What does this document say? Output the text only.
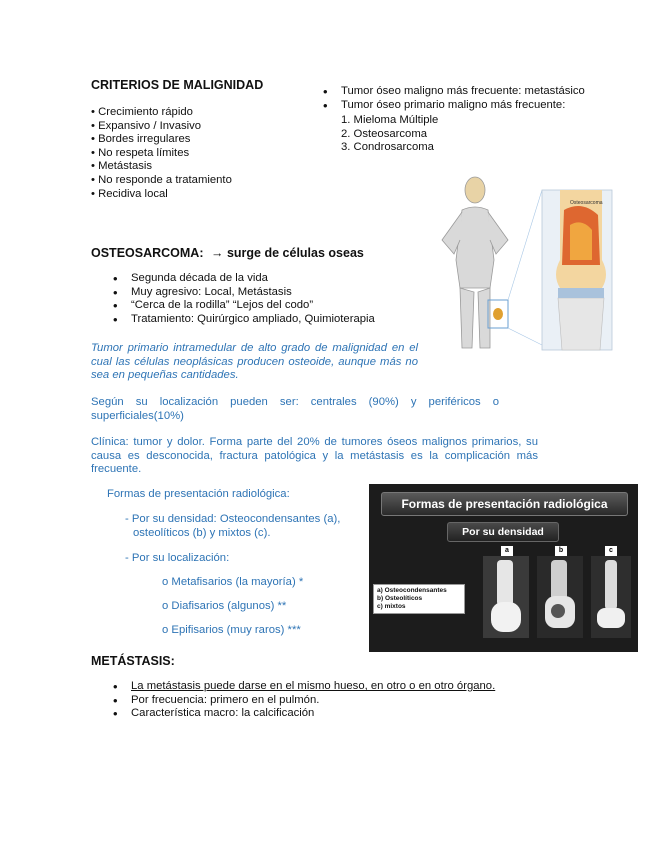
CRITERIOS DE MALIGNIDAD
• Crecimiento rápido
• Expansivo / Invasivo
• Bordes irregulares
• No respeta límites
• Metástasis
• No responde a tratamiento
• Recidiva local
• Tumor óseo maligno más frecuente: metastásico
• Tumor óseo primario maligno más frecuente:
1. Mieloma Múltiple
2. Osteosarcoma
3. Condrosarcoma
Osteosarcoma
OSTEOSARCOMA: → surge de células oseas
• Segunda década de la vida
• Muy agresivo: Local, Metástasis
• “Cerca de la rodilla” “Lejos del codo”
• Tratamiento: Quirúrgico ampliado, Quimioterapia
Tumor primario intramedular de alto grado de malignidad en el cual las células neoplásicas producen osteoide, aunque más no sea en pequeñas cantidades.
Según su localización pueden ser: centrales (90%) y periféricos o superficiales(10%)
Clínica: tumor y dolor. Forma parte del 20% de tumores óseos malignos primarios, su causa es desconocida, fractura patológica y la metástasis es la complicación más frecuente.
Formas de presentación radiológica:
- Por su densidad: Osteocondensantes (a),
osteolíticos (b) y mixtos (c).
- Por su localización:
o Metafisarios (la mayoría) *
o Diafisarios (algunos) **
o Epifisarios (muy raros) ***
Formas de presentación radiológica
Por su densidad
a	b	c
a) Osteocondensantes
b) Osteolíticos
c) mixtos
METÁSTASIS:
• La metástasis puede darse en el mismo hueso, en otro o en otro órgano.
• Por frecuencia: primero en el pulmón.
• Característica macro: la calcificación
